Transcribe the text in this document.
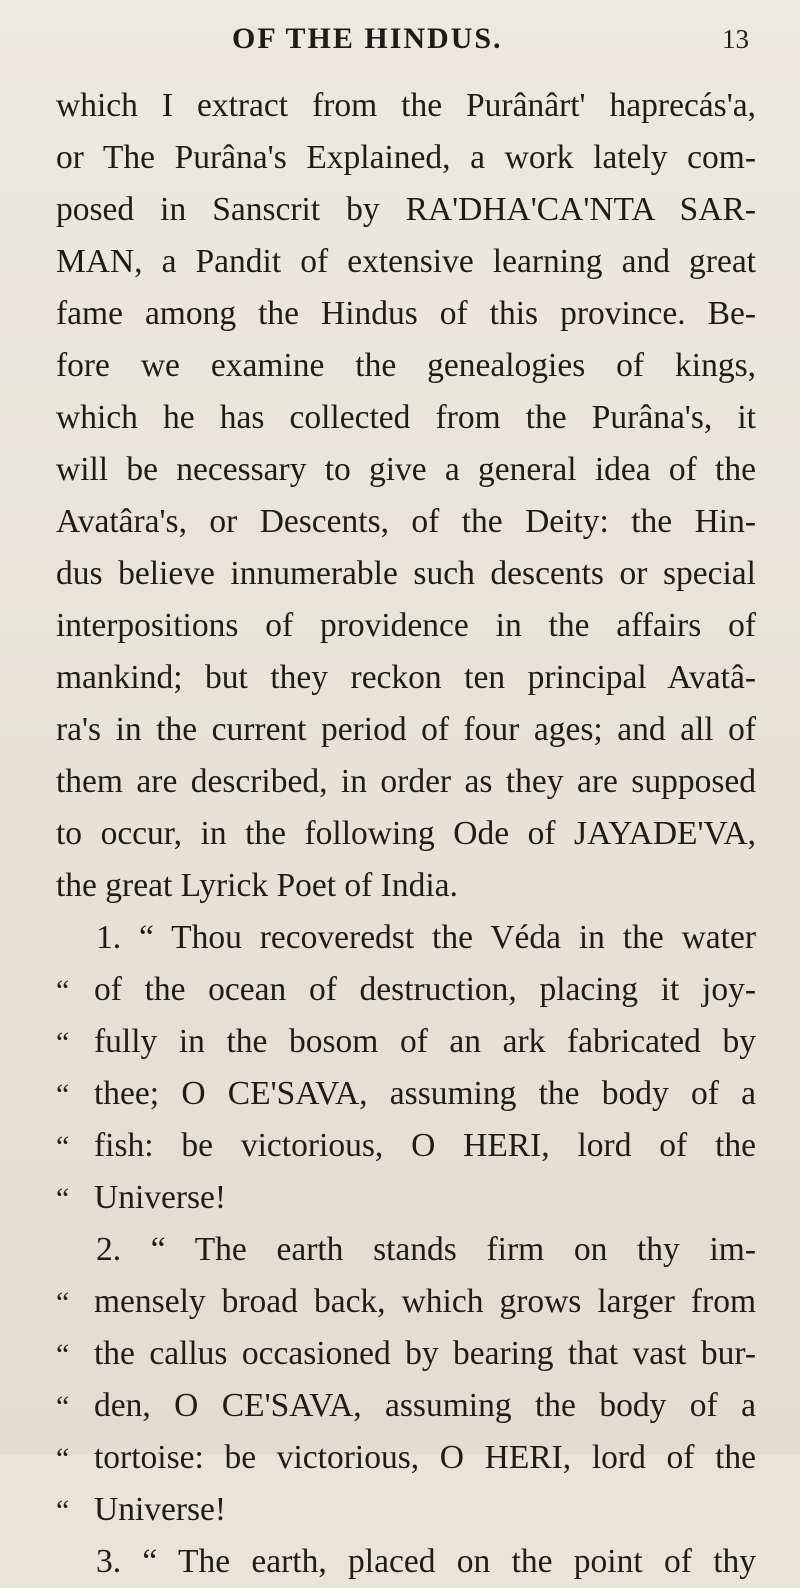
OF THE HINDUS.	13
which I extract from the Purânârt' haprecás'a,
or The Purâna's Explained, a work lately com-
posed in Sanscrit by RA'DHA'CA'NTA SAR-
MAN, a Pandit of extensive learning and great
fame among the Hindus of this province. Be-
fore we examine the genealogies of kings,
which he has collected from the Purâna's, it
will be necessary to give a general idea of the
Avatâra's, or Descents, of the Deity: the Hin-
dus believe innumerable such descents or special
interpositions of providence in the affairs of
mankind; but they reckon ten principal Avatâ-
ra's in the current period of four ages; and all of
them are described, in order as they are supposed
to occur, in the following Ode of JAYADE'VA,
the great Lyrick Poet of India.
1. “ Thou recoveredst the Véda in the water
“ of the ocean of destruction, placing it joy-
“ fully in the bosom of an ark fabricated by
“ thee; O CE'SAVA, assuming the body of a
“ fish: be victorious, O HERI, lord of the
“ Universe!
2. “ The earth stands firm on thy im-
“ mensely broad back, which grows larger from
“ the callus occasioned by bearing that vast bur-
“ den, O CE'SAVA, assuming the body of a
“ tortoise: be victorious, O HERI, lord of the
“ Universe!
3. “ The earth, placed on the point of thy
